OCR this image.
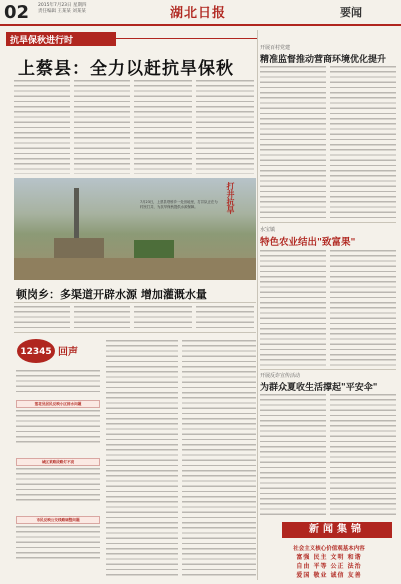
02 2015年7月23日 星期四
责任编辑 王某某 刘某某	湖北日报	要闻
抗旱保秋进行时
上蔡县：全力以赶抗旱保秋
7月23日，上蔡县塔桥乡一处田地里，打井队正在为村民打井，为抗旱保秋提供水源保障。	打井抗旱
顿岗乡：多渠道开辟水源 增加灌溉水量
12345 回声
莲花县居民反映小区排水问题
城区某路段路灯不亮
市民反映公交线路调整问题
开展百村党建
精准监督推动营商环境优化提升
水宝镇
特色农业结出"致富果"
开展反诈宣传活动
为群众夏收生活撑起"平安伞"
新闻集锦
社会主义核心价值观基本内容
富强 民主 文明 和谐
自由 平等 公正 法治
爱国 敬业 诚信 友善
